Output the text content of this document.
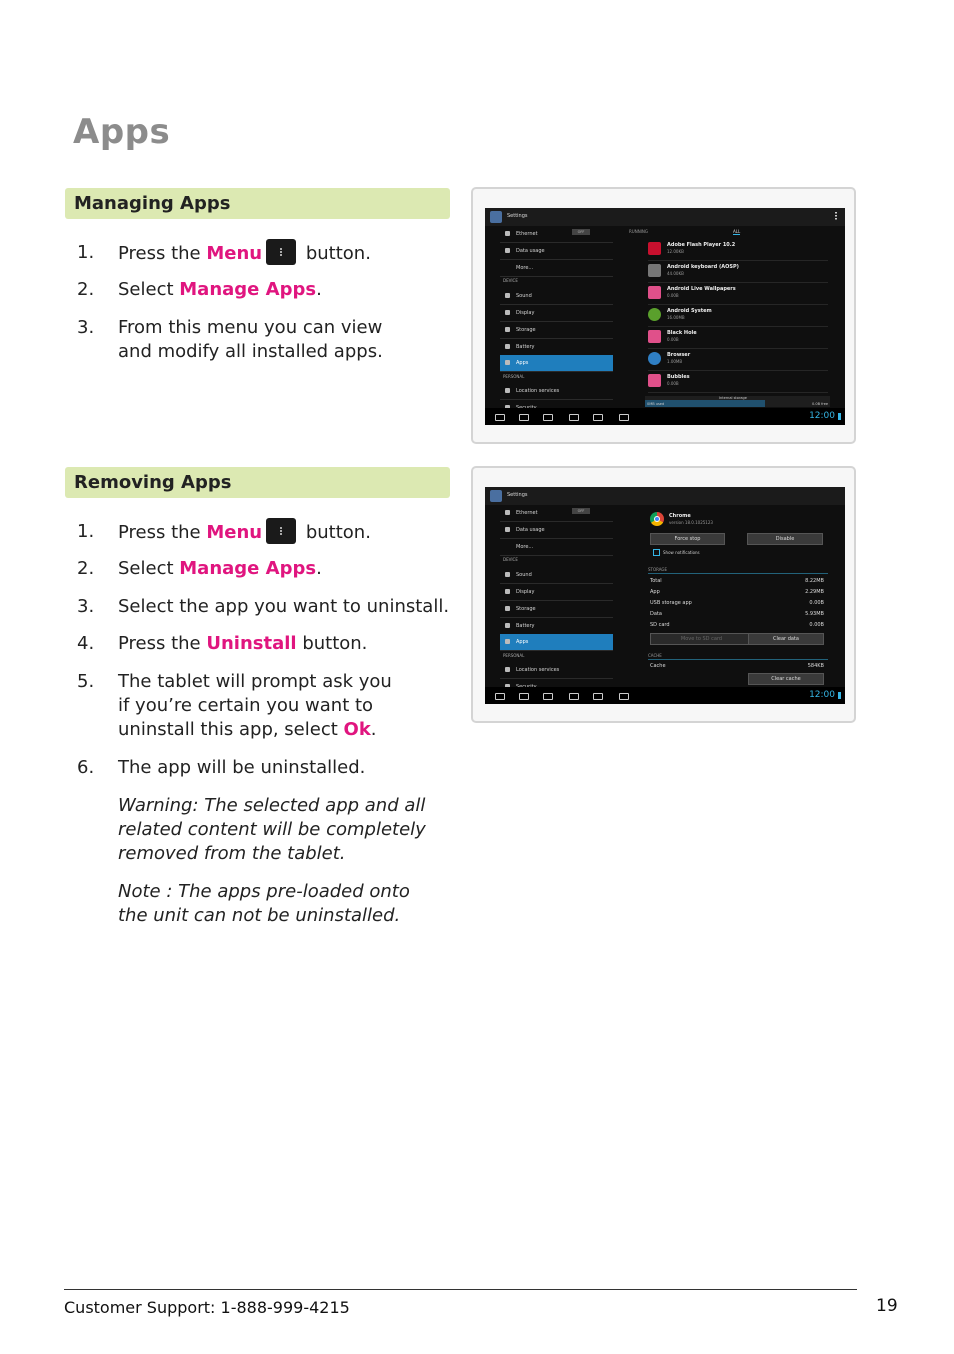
Apps
Managing Apps
1.	Press the Menu
button.
2.	Select Manage Apps.
3.	From this menu you can view
and modify all installed apps.
Settings
Ethernet	OFF
Data usage
More...
DEVICE
Sound
Display
Storage
Battery
Apps
PERSONAL
Location services
RUNNING	ALL
Adobe Flash Player 10.2
12.00KB
Android keyboard (AOSP)
44.00KB
Android Live Wallpapers
0.00B
Android System
16.00MB
Black Hole
0.00B
Browser
1.00MB
Bubbles
0.00B
Internal storage
0MB used	0.0B free
12:00
Removing Apps
1.	Press the Menu
button.
2.	Select Manage Apps.
3.	Select the app you want to uninstall.
4.	Press the Uninstall button.
5.	The tablet will prompt ask you
if you’re certain you want to
uninstall this app, select Ok.
6.	The app will be uninstalled.
Warning: The selected app and all
related content will be completely
removed from the tablet.
Note : The apps pre-loaded onto
the unit can not be uninstalled.
Settings
Ethernet	OFF
Data usage
More...
DEVICE
Sound
Display
Storage
Battery
Apps
PERSONAL
Location services
Chrome
version 18.0.1025123
Force stop	Disable
Show notifications
STORAGE
Total	8.22MB
App	2.29MB
USB storage app	0.00B
Data	5.93MB
SD card	0.00B
Move to SD card	Clear data
CACHE
Cache	584KB
Clear cache
12:00
Customer Support: 1-888-999-4215	19
